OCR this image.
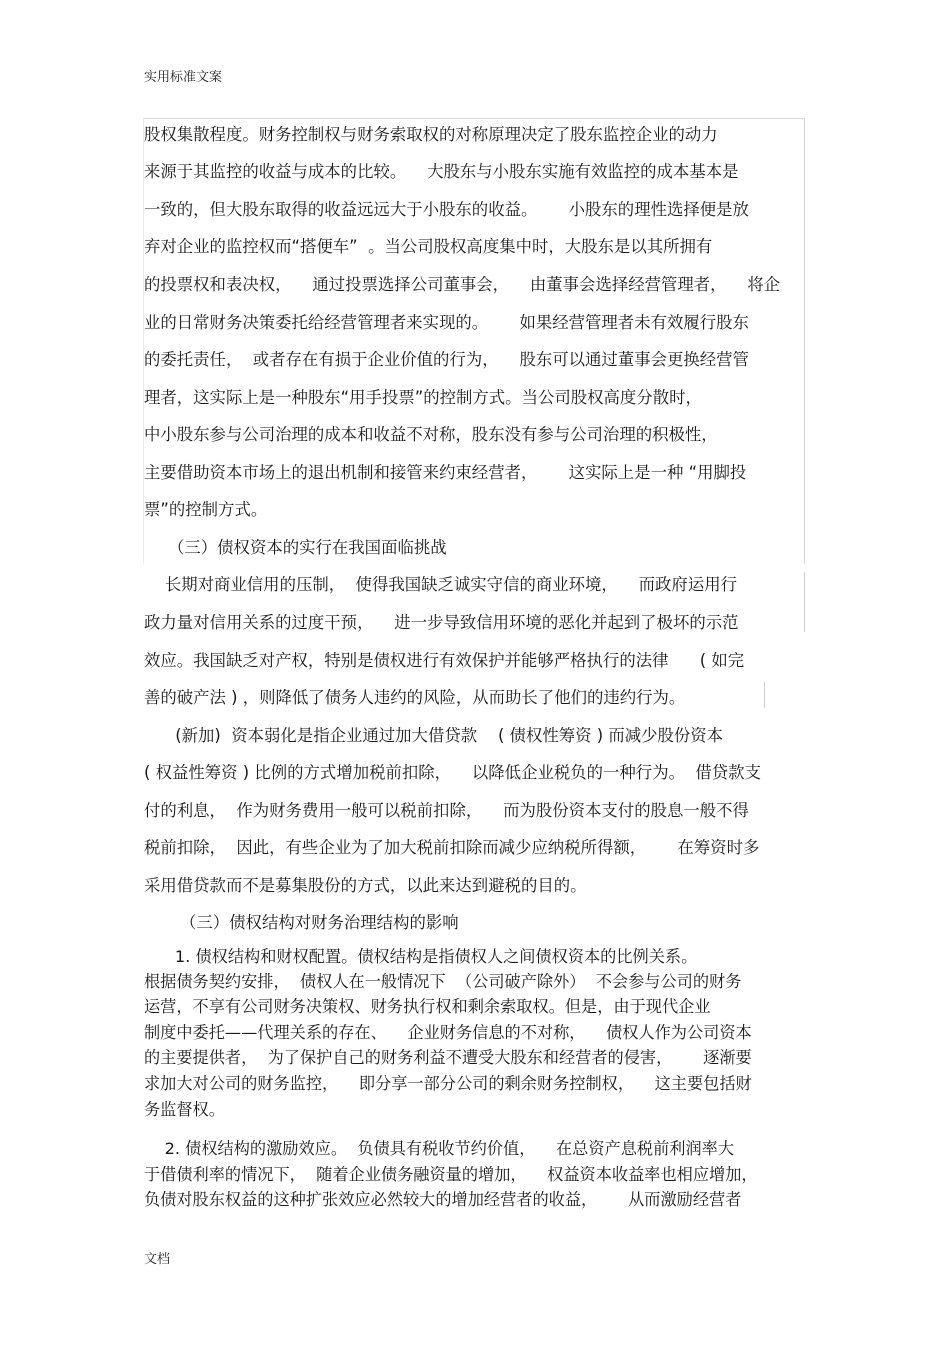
实用标准文案
股权集散程度。财务控制权与财务索取权的对称原理决定了股东监控企业的动力
来源于其监控的收益与成本的比较。    大股东与小股东实施有效监控的成本基本是
一致的，但大股东取得的收益远远大于小股东的收益。      小股东的理性选择便是放
弃对企业的监控权而“搭便车”  。当公司股权高度集中时，大股东是以其所拥有
的投票权和表决权，    通过投票选择公司董事会，    由董事会选择经营管理者，    将企
业的日常财务决策委托给经营管理者来实现的。      如果经营管理者未有效履行股东
的委托责任，  或者存在有损于企业价值的行为，    股东可以通过董事会更换经营管
理者，这实际上是一种股东“用手投票”的控制方式。当公司股权高度分散时，
中小股东参与公司治理的成本和收益不对称，股东没有参与公司治理的积极性，
主要借助资本市场上的退出机制和接管来约束经营者，      这实际上是一种 “用脚投
票”的控制方式。
（三）债权资本的实行在我国面临挑战
长期对商业信用的压制，  使得我国缺乏诚实守信的商业环境，    而政府运用行
政力量对信用关系的过度干预，    进一步导致信用环境的恶化并起到了极坏的示范
效应。我国缺乏对产权，特别是债权进行有效保护并能够严格执行的法律      ( 如完
善的破产法 ) ，则降低了债务人违约的风险，从而助长了他们的违约行为。
(新加)  资本弱化是指企业通过加大借贷款    ( 债权性筹资 ) 而减少股份资本
( 权益性筹资 ) 比例的方式增加税前扣除，    以降低企业税负的一种行为。  借贷款支
付的利息，  作为财务费用一般可以税前扣除，    而为股份资本支付的股息一般不得
税前扣除，  因此，有些企业为了加大税前扣除而减少应纳税所得额，      在筹资时多
采用借贷款而不是募集股份的方式，以此来达到避税的目的。
（三）债权结构对财务治理结构的影响
1. 债权结构和财权配置。债权结构是指债权人之间债权资本的比例关系。
根据债务契约安排，  债权人在一般情况下  （公司破产除外）  不会参与公司的财务
运营，不享有公司财务决策权、财务执行权和剩余索取权。但是，由于现代企业
制度中委托——代理关系的存在、    企业财务信息的不对称，    债权人作为公司资本
的主要提供者，  为了保护自己的财务利益不遭受大股东和经营者的侵害，      逐渐要
求加大对公司的财务监控，    即分享一部分公司的剩余财务控制权，    这主要包括财
务监督权。
2. 债权结构的激励效应。  负债具有税收节约价值，    在总资产息税前利润率大
于借债利率的情况下，  随着企业债务融资量的增加，    权益资本收益率也相应增加，
负债对股东权益的这种扩张效应必然较大的增加经营者的收益，      从而激励经营者
文档
